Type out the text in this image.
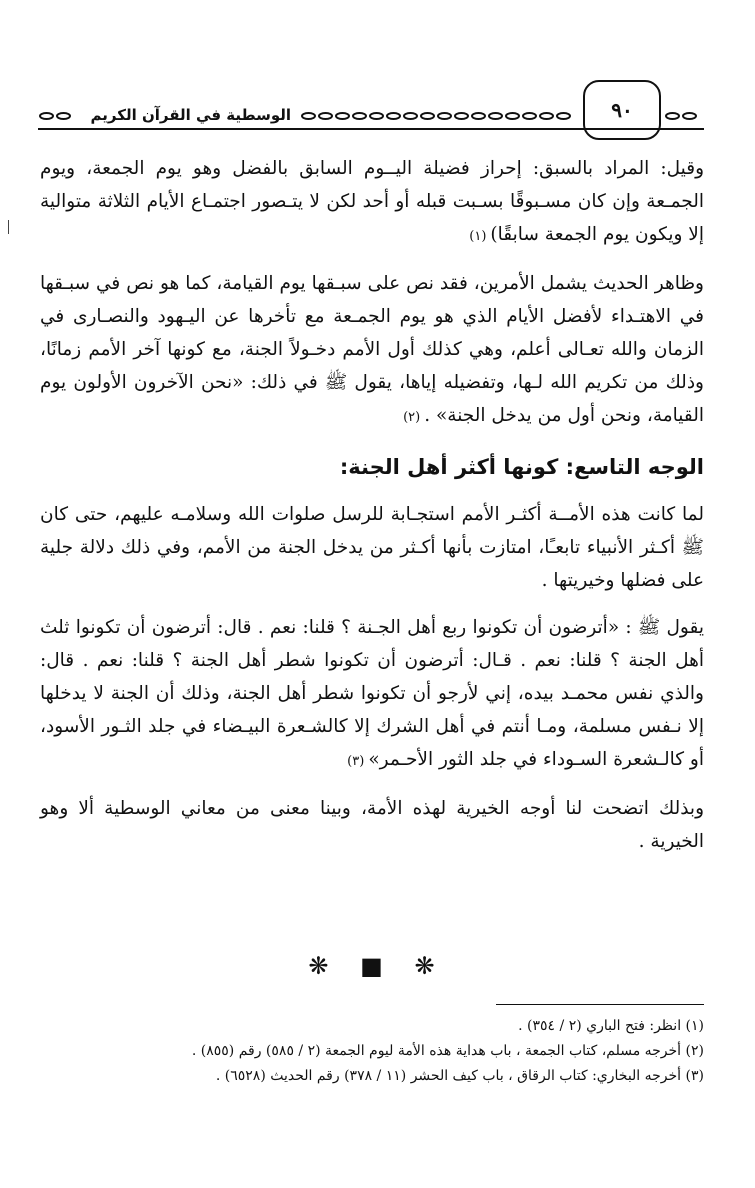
الوسطية في القرآن الكريم	٩٠

وقيل: المراد بالسبق: إحراز فضيلة اليــوم السابق بالفضل وهو يوم الجمعة، ويوم الجمـعة وإن كان مسـبوقًا بسـبت قبله أو أحد لكن لا يتـصور اجتمـاع الأيام الثلاثة متوالية إلا ويكون يوم الجمعة سابقًا)(١)

وظاهر الحديث يشمل الأمرين، فقد نص على سبـقها يوم القيامة، كما هو نص في سبـقها في الاهتـداء لأفضل الأيام الذي هو يوم الجمـعة مع تأخرها عن اليـهود والنصـارى في الزمان والله تعـالى أعلم، وهي كذلك أول الأمم دخـولاً الجنة، مع كونها آخر الأمم زمانًا، وذلك من تكريم الله لـها، وتفضيله إياها، يقول ﷺ في ذلك: «نحن الآخرون الأولون يوم القيامة، ونحن أول من يدخل الجنة» .(٢)

الوجه التاسع: كونها أكثر أهل الجنة:

لما كانت هذه الأمــة أكثـر الأمم استجـابة للرسل صلوات الله وسلامـه عليهم، حتى كان ﷺ أكـثر الأنبياء تابعـًا، امتازت بأنها أكـثر من يدخل الجنة من الأمم، وفي ذلك دلالة جلية على فضلها وخيريتها .

يقول ﷺ : «أترضون أن تكونوا ربع أهل الجـنة ؟ قلنا: نعم . قال: أترضون أن تكونوا ثلث أهل الجنة ؟ قلنا: نعم . قـال: أترضون أن تكونوا شطر أهل الجنة ؟ قلنا: نعم . قال: والذي نفس محمـد بيده، إني لأرجو أن تكونوا شطر أهل الجنة، وذلك أن الجنة لا يدخلها إلا نـفس مسلمة، ومـا أنتم في أهل الشرك إلا كالشـعرة البيـضاء في جلد الثـور الأسود، أو كالـشعرة السـوداء في جلد الثور الأحـمر»(٣)

وبذلك اتضحت لنا أوجه الخيرية لهذه الأمة، وبينا معنى من معاني الوسطية ألا وهو الخيرية .

❋ ■ ❋

(١) انظر: فتح الباري (٢ / ٣٥٤) .

(٢) أخرجه مسلم، كتاب الجمعة ، باب هداية هذه الأمة ليوم الجمعة (٢ / ٥٨٥) رقم (٨٥٥) .

(٣) أخرجه البخاري: كتاب الرقاق ، باب كيف الحشر (١١ / ٣٧٨) رقم الحديث (٦٥٢٨) .
